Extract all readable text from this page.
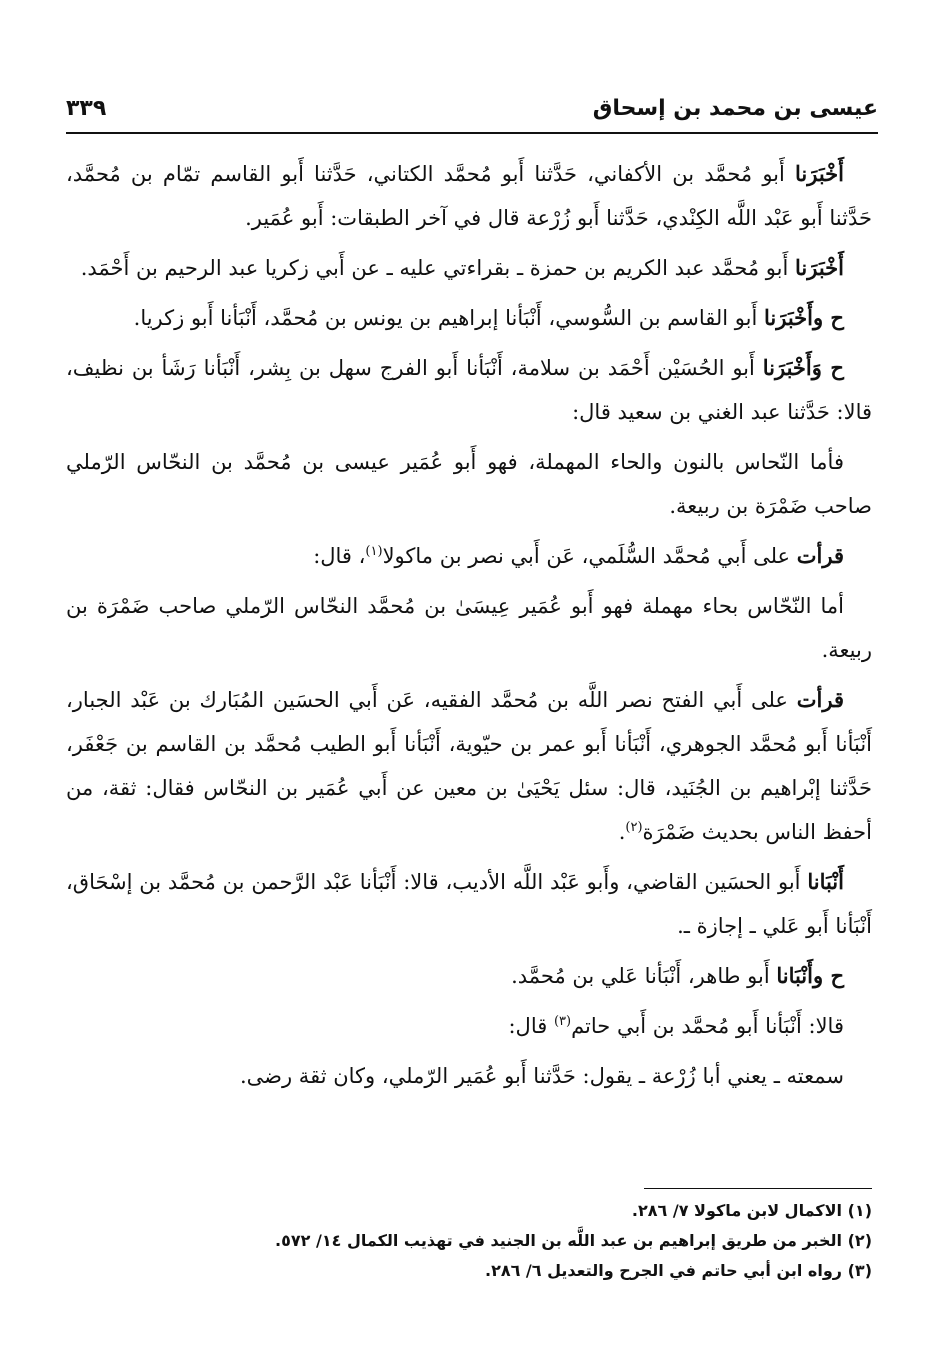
عيسى بن محمد بن إسحاق
٣٣٩

أَخْبَرَنا أَبو مُحمَّد بن الأكفاني، حَدَّثنا أَبو مُحمَّد الكتاني، حَدَّثنا أَبو القاسم تمّام بن مُحمَّد، حَدَّثنا أَبو عَبْد اللَّه الكِنْدي، حَدَّثنا أَبو زُرْعة قال في آخر الطبقات: أَبو عُمَير.

أَخْبَرَنا أَبو مُحمَّد عبد الكريم بن حمزة ـ بقراءتي عليه ـ عن أَبي زكريا عبد الرحيم بن أَحْمَد.

ح وأَخْبَرَنا أَبو القاسم بن السُّوسي، أَنْبَأنا إبراهيم بن يونس بن مُحمَّد، أَنْبَأنا أَبو زكريا.

ح وَأَخْبَرَنا أَبو الحُسَيْن أَحْمَد بن سلامة، أَنْبَأنا أَبو الفرج سهل بن بِشر، أَنْبَأنا رَشَأ بن نظيف، قالا: حَدَّثنا عبد الغني بن سعيد قال:

فأما النّحاس بالنون والحاء المهملة، فهو أَبو عُمَير عيسى بن مُحمَّد بن النحّاس الرّملي صاحب ضَمْرَة بن ربيعة.

قرأت على أَبي مُحمَّد السُّلَمي، عَن أَبي نصر بن ماكولا$^{(١)}$، قال:

أما النّحّاس بحاء مهملة فهو أَبو عُمَير عِيسَىٰ بن مُحمَّد النحّاس الرّملي صاحب ضَمْرَة بن ربيعة.

قرأت على أَبي الفتح نصر اللَّه بن مُحمَّد الفقيه، عَن أَبي الحسَين المُبَارك بن عَبْد الجبار، أَنْبَأنا أَبو مُحمَّد الجوهري، أَنْبَأنا أَبو عمر بن حيّوية، أَنْبَأنا أَبو الطيب مُحمَّد بن القاسم بن جَعْفَر، حَدَّثنا إبْراهيم بن الجُنَيد، قال: سئل يَحْيَىٰ بن معين عن أَبي عُمَير بن النحّاس فقال: ثقة، من أحفظ الناس بحديث ضَمْرَة$^{(٢)}$.

أَنْبَانا أَبو الحسَين القاضي، وأَبو عَبْد اللَّه الأديب، قالا: أَنْبَأنا عَبْد الرَّحمن بن مُحمَّد بن إسْحَاق، أَنْبَأنا أَبو عَلي ـ إجازة ـ.

ح وأَنْبَانا أَبو طاهر، أَنْبَأنا عَلي بن مُحمَّد.

قالا: أَنْبَأنا أَبو مُحمَّد بن أَبي حاتم$^{(٣)}$ قال:

سمعته ـ يعني أبا زُرْعة ـ يقول: حَدَّثنا أَبو عُمَير الرّملي، وكان ثقة رضى.

(١)الاكمال لابن ماكولا ٧/ ٢٨٦.
(٢)الخبر من طريق إبراهيم بن عبد اللَّه بن الجنيد في تهذيب الكمال ١٤/ ٥٧٢.
(٣)رواه ابن أبي حاتم في الجرح والتعديل ٦/ ٢٨٦.
